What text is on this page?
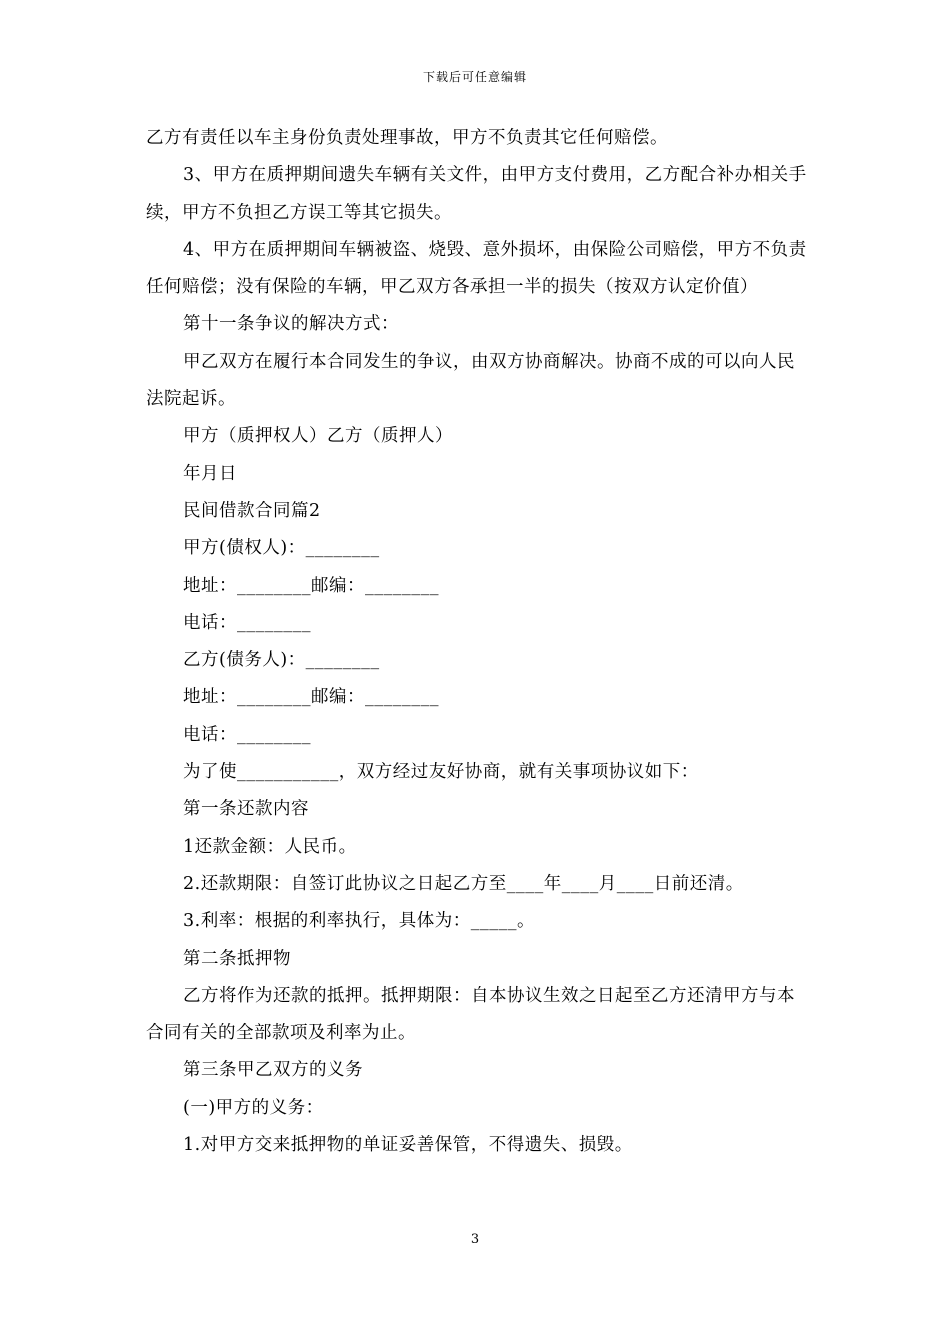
下载后可任意编辑

乙方有责任以车主身份负责处理事故，甲方不负责其它任何赔偿。

3、甲方在质押期间遗失车辆有关文件，由甲方支付费用，乙方配合补办相关手续，甲方不负担乙方误工等其它损失。

4、甲方在质押期间车辆被盗、烧毁、意外损坏，由保险公司赔偿，甲方不负责任何赔偿；没有保险的车辆，甲乙双方各承担一半的损失（按双方认定价值）

第十一条争议的解决方式：

甲乙双方在履行本合同发生的争议，由双方协商解决。协商不成的可以向人民法院起诉。

甲方（质押权人）乙方（质押人）

年月日

民间借款合同篇2

甲方(债权人)：________

地址：________邮编：________

电话：________

乙方(债务人)：________

地址：________邮编：________

电话：________

为了使___________，双方经过友好协商，就有关事项协议如下：

第一条还款内容

1还款金额：人民币。

2.还款期限：自签订此协议之日起乙方至____年____月____日前还清。

3.利率：根据的利率执行，具体为：_____。

第二条抵押物

乙方将作为还款的抵押。抵押期限：自本协议生效之日起至乙方还清甲方与本合同有关的全部款项及利率为止。

第三条甲乙双方的义务

(一)甲方的义务：

1.对甲方交来抵押物的单证妥善保管，不得遗失、损毁。

3
